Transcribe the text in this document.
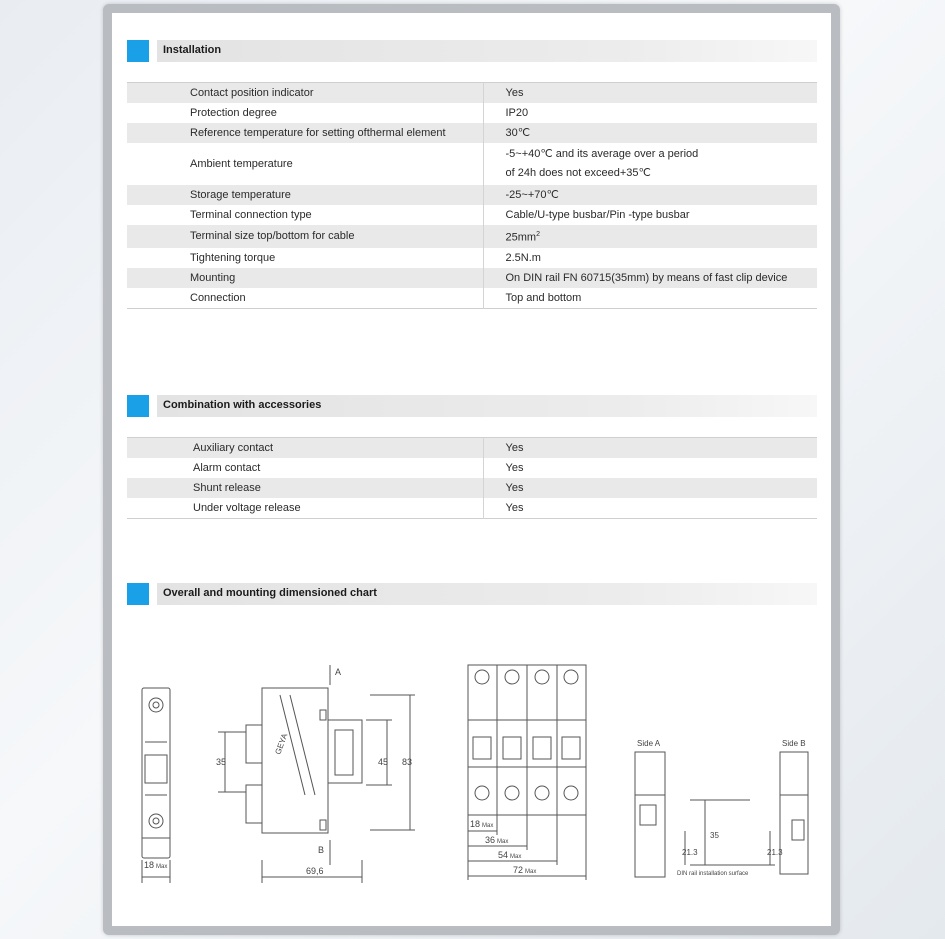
Installation
Contact position indicator	Yes
Protection degree	IP20
Reference temperature for setting ofthermal element	30℃
Ambient temperature	-5~+40℃ and its average over a period
of 24h does not exceed+35℃

Storage temperature	-25~+70℃
Terminal connection type	Cable/U-type busbar/Pin -type busbar
Terminal size top/bottom for cable	$25mm^2$
Tightening torque	2.5N.m
Mounting	On DIN rail FN 60715(35mm) by means of fast clip device
Connection	Top and bottom
Combination with accessories
Auxiliary contact	Yes
Alarm contact	Yes
Shunt release	Yes
Under voltage release	Yes
Overall and mounting dimensioned chart
18 Max
35	45 83
69,6
A
B
GEYA
18 Max
36 Max
54 Max
72 Max
Side A	Side B
21.3
35
21.3
DIN rail installation surface
